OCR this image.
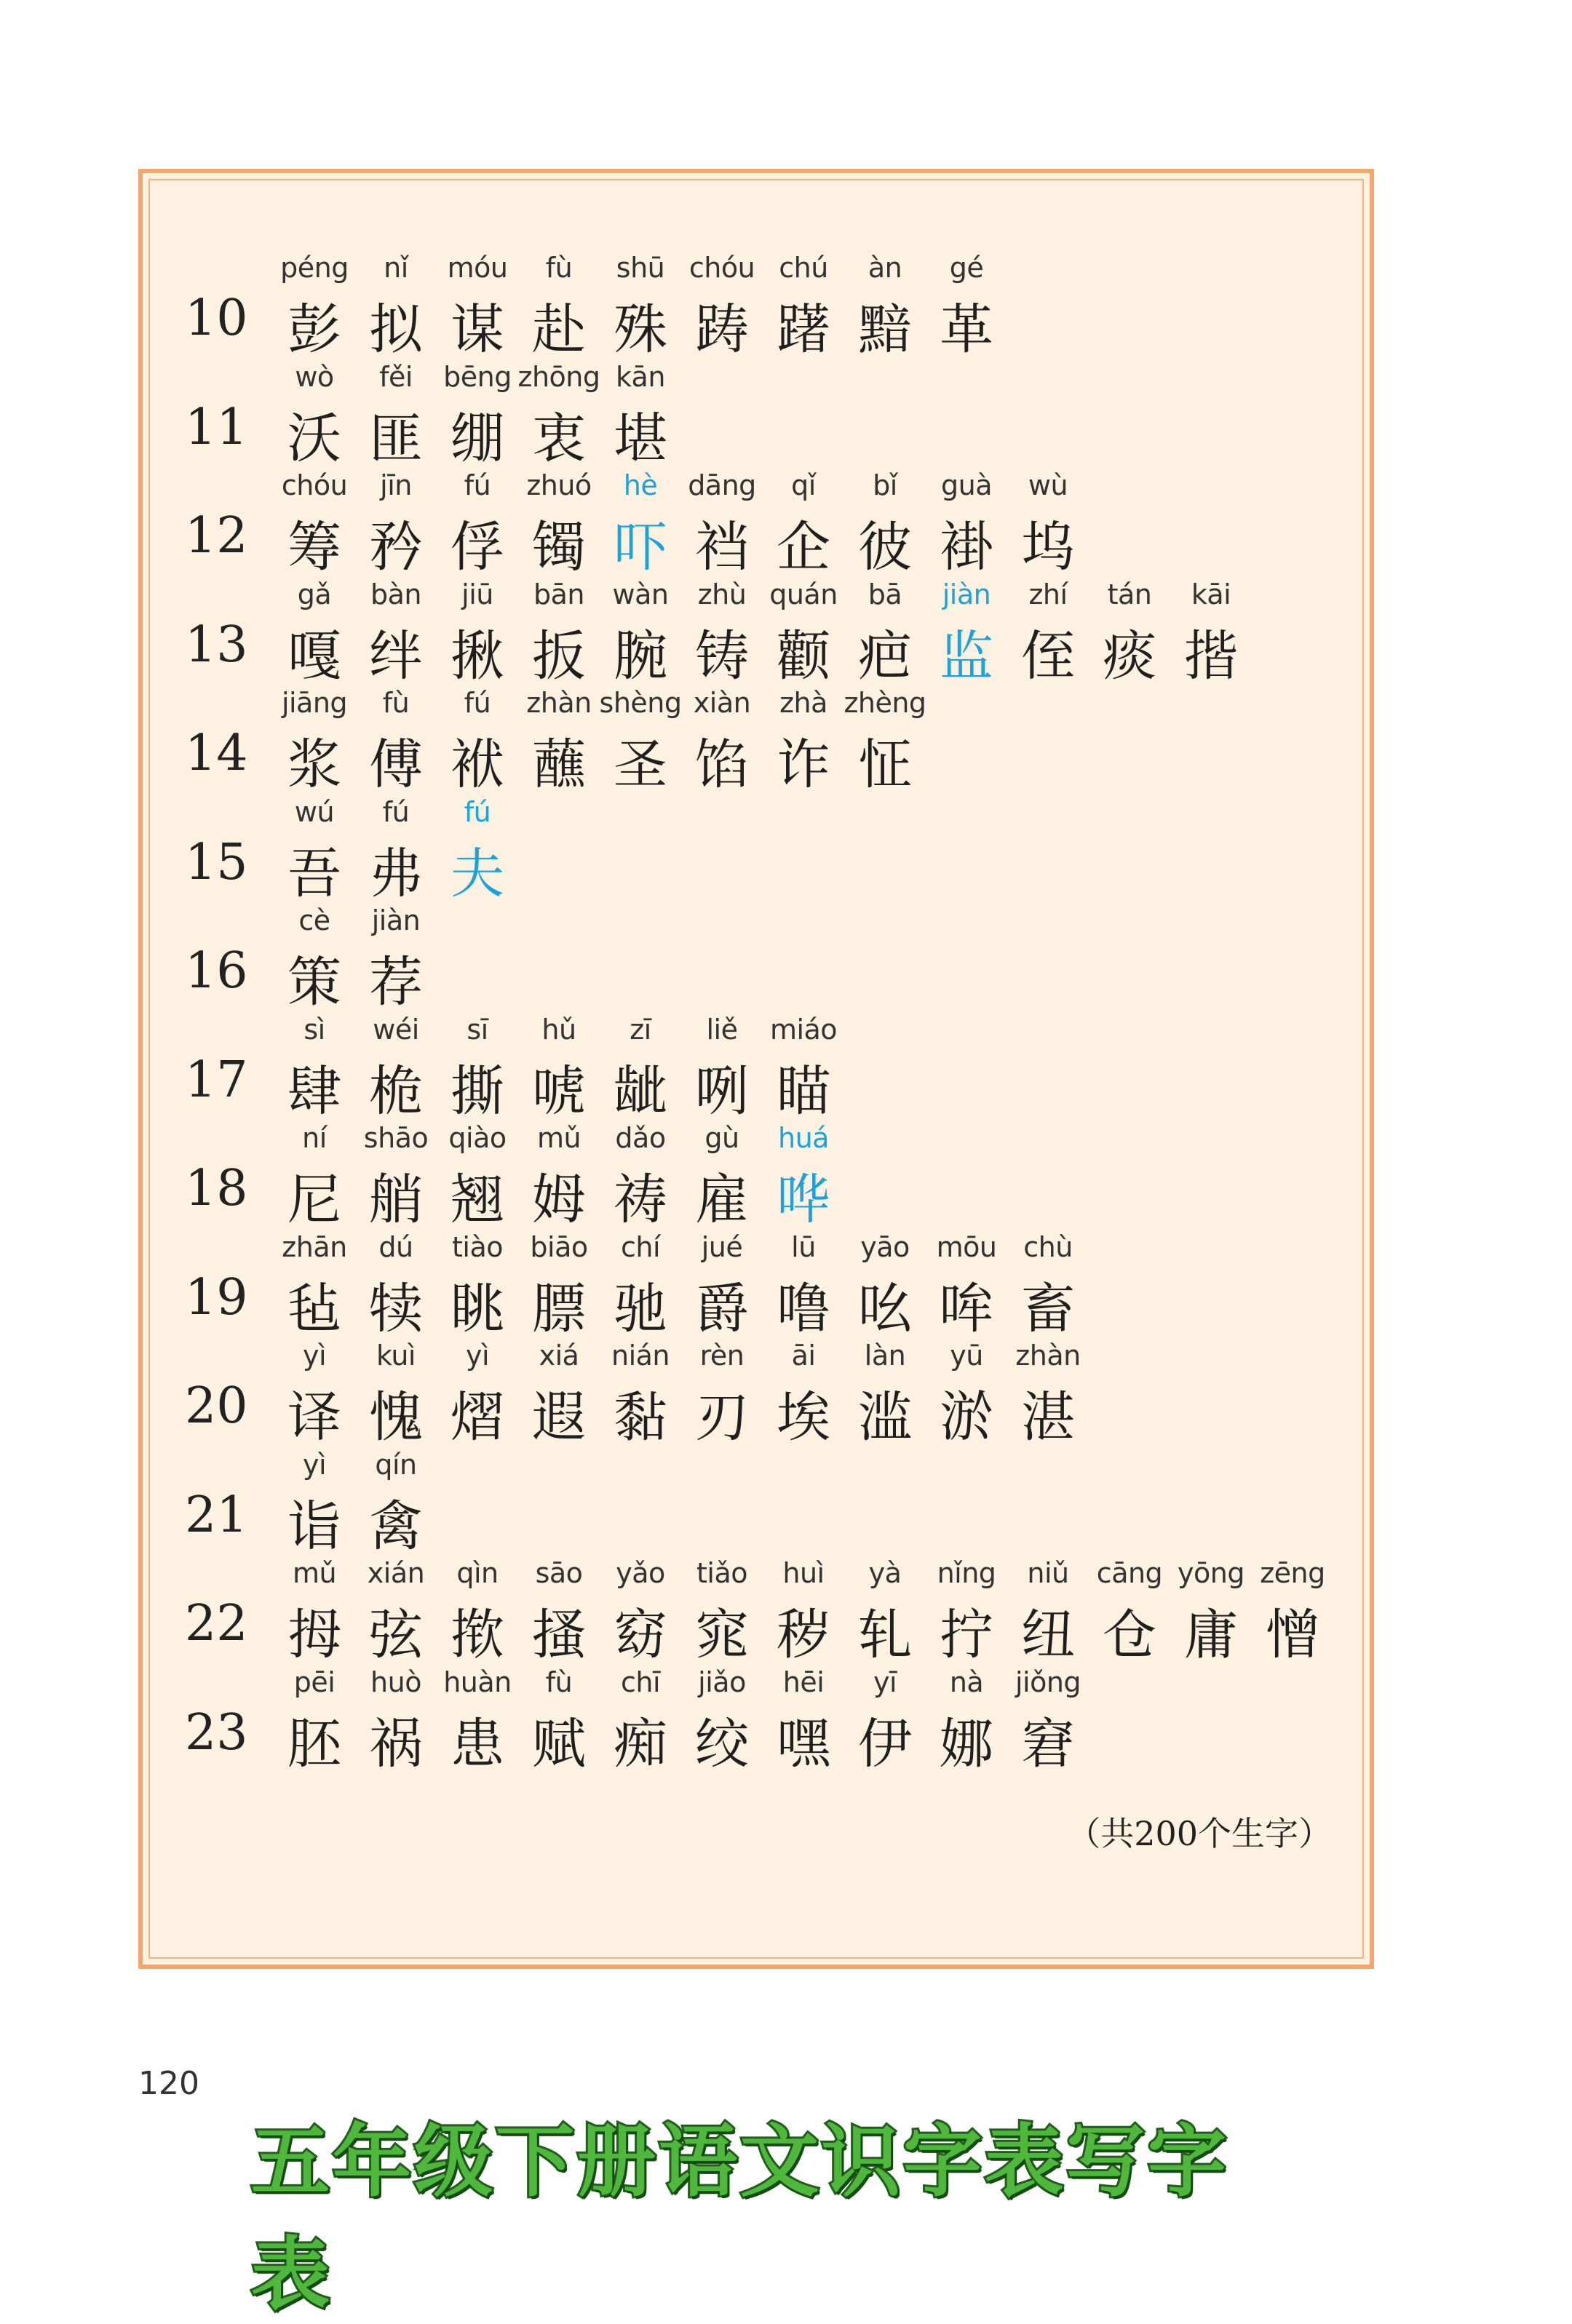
10
péng
彭
nǐ
拟
móu
谋
fù
赴
shū
殊
chóu
踌
chú
躇
àn
黯
gé
革
11
wò
沃
fěi
匪
bēng
绷
zhōng
衷
kān
堪
12
chóu
筹
jīn
矜
fú
俘
zhuó
镯
hè
吓
dāng
裆
qǐ
企
bǐ
彼
guà
褂
wù
坞
13
gǎ
嘎
bàn
绊
jiū
揪
bān
扳
wàn
腕
zhù
铸
quán
颧
bā
疤
jiàn
监
zhí
侄
tán
痰
kāi
揩
14
jiāng
浆
fù
傅
fú
袱
zhàn
蘸
shèng
圣
xiàn
馅
zhà
诈
zhèng
怔
15
wú
吾
fú
弗
fú
夫
16
cè
策
jiàn
荐
17
sì
肆
wéi
桅
sī
撕
hǔ
唬
zī
龇
liě
咧
miáo
瞄
18
ní
尼
shāo
艄
qiào
翘
mǔ
姆
dǎo
祷
gù
雇
huá
哗
19
zhān
毡
dú
犊
tiào
眺
biāo
膘
chí
驰
jué
爵
lū
噜
yāo
吆
mōu
哞
chù
畜
20
yì
译
kuì
愧
yì
熠
xiá
遐
nián
黏
rèn
刃
āi
埃
làn
滥
yū
淤
zhàn
湛
21
yì
诣
qín
禽
22
mǔ
拇
xián
弦
qìn
揿
sāo
搔
yǎo
窈
tiǎo
窕
huì
秽
yà
轧
nǐng
拧
niǔ
纽
cāng
仓
yōng
庸
zēng
憎
23
pēi
胚
huò
祸
huàn
患
fù
赋
chī
痴
jiǎo
绞
hēi
嘿
yī
伊
nà
娜
jiǒng
窘
（共200个生字）
120
五年级下册语文识字表写字表
